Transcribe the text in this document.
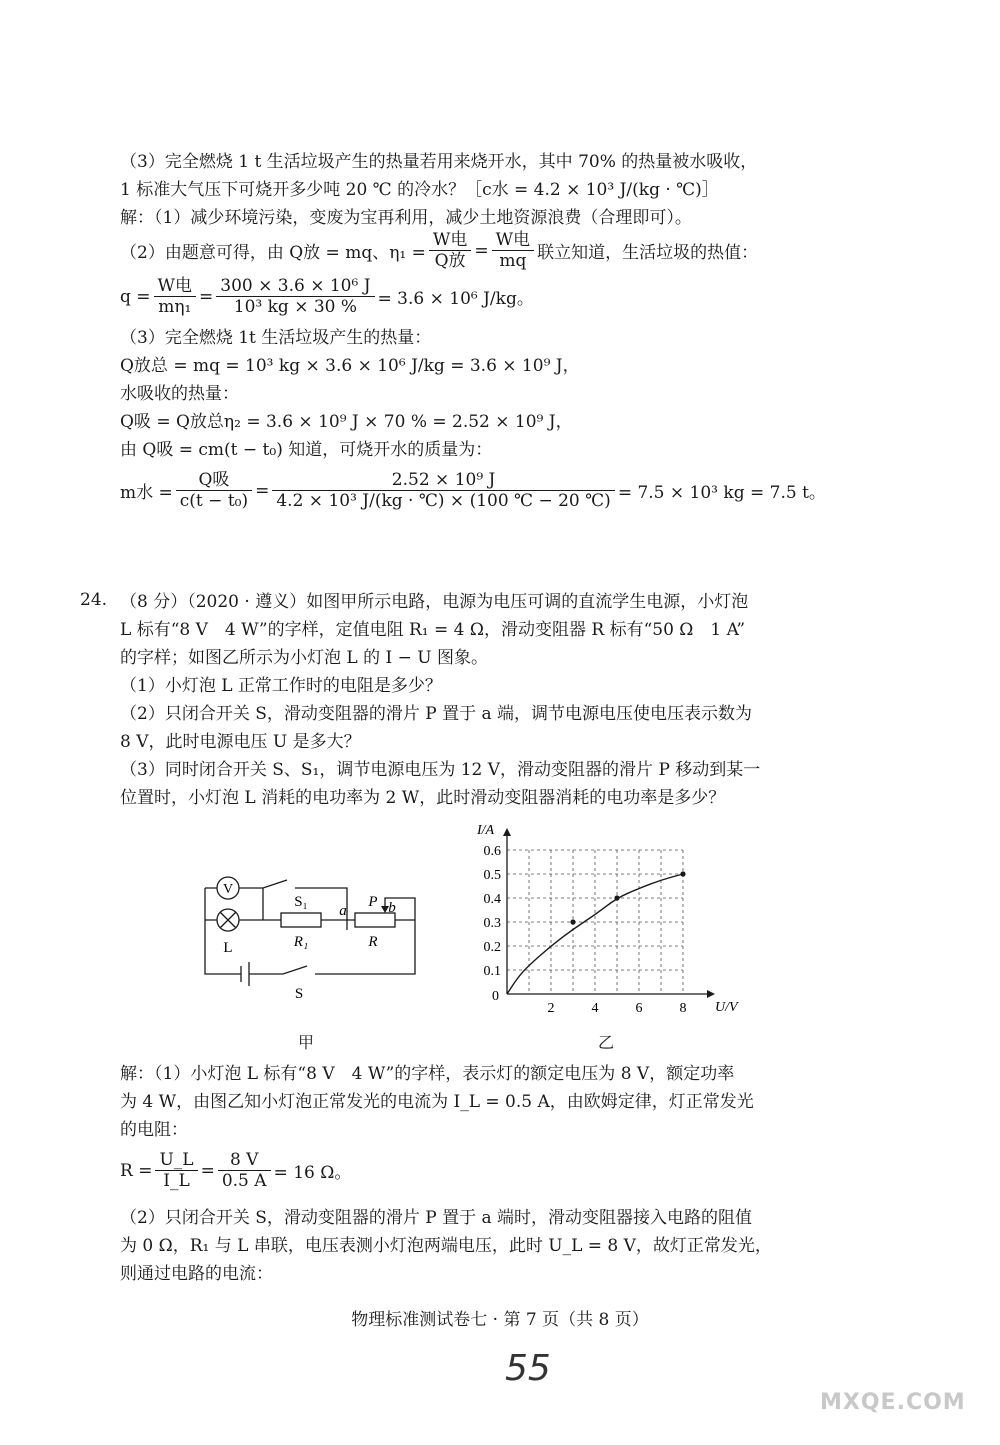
（3）完全燃烧 1 t 生活垃圾产生的热量若用来烧开水，其中 70% 的热量被水吸收，
1 标准大气压下可烧开多少吨 20 ℃ 的冷水？［c水 = 4.2 × 10³ J/(kg · ℃)］
解：（1）减少环境污染，变废为宝再利用，减少土地资源浪费（合理即可）。
（2）由题意可得，由 Q放 = mq、$\eta_1 = \frac{\text{W电}}{\text{Q放}} = \frac{\text{W电}}{mq}$ 联立知道，生活垃圾的热值：
$q = \frac{\text{W电}}{\text{mη₁}} = \frac{\text{300 × 3.6 × 10⁶ J}}{\text{10³ kg × 30 \%}} = 3.6 \times 10^6$ J/kg。
（3）完全燃烧 1t 生活垃圾产生的热量：
Q放总 = mq = 10³ kg × 3.6 × 10⁶ J/kg = 3.6 × 10⁹ J，
水吸收的热量：
Q吸 = Q放总η₂ = 3.6 × 10⁹ J × 70 % = 2.52 × 10⁹ J，
由 Q吸 = cm(t − t₀) 知道，可烧开水的质量为：
m水 = $\frac{\text{Q吸}}{\text{c(t − t₀)}} = \frac{\text{2.52 × 10⁹ J}}{\text{4.2 × 10³ J/(kg · ℃) × (100 ℃ − 20 ℃)}} = 7.5 \times 10^3$ kg = 7.5 t。
24. （8 分）（2020 · 遵义）如图甲所示电路，电源为电压可调的直流学生电源，小灯泡
L 标有“8 V　4 W”的字样，定值电阻 R₁ = 4 Ω，滑动变阻器 R 标有“50 Ω　1 A”
的字样；如图乙所示为小灯泡 L 的 I − U 图象。
（1）小灯泡 L 正常工作时的电阻是多少？
（2）只闭合开关 S，滑动变阻器的滑片 P 置于 a 端，调节电源电压使电压表示数为
8 V，此时电源电压 U 是多大？
（3）同时闭合开关 S、S₁，调节电源电压为 12 V，滑动变阻器的滑片 P 移动到某一
位置时，小灯泡 L 消耗的电功率为 2 W，此时滑动变阻器消耗的电功率是多少？
V
L
S₁
R₁	R
a	b
P
S
甲
0.1
0.2
0.3
0.4
0.5
0.6
0
2	4	6	8
I/A
U/V
乙
解：（1）小灯泡 L 标有“8 V　4 W”的字样，表示灯的额定电压为 8 V，额定功率
为 4 W，由图乙知小灯泡正常发光的电流为 I_L = 0.5 A，由欧姆定律，灯正常发光
的电阻：
$R = \frac{U\_L}{I\_L} = \frac{8 V}{0.5 A} = 16$ Ω。
（2）只闭合开关 S，滑动变阻器的滑片 P 置于 a 端时，滑动变阻器接入电路的阻值
为 0 Ω，R₁ 与 L 串联，电压表测小灯泡两端电压，此时 U_L = 8 V，故灯正常发光，
则通过电路的电流：
物理标准测试卷七 · 第 7 页（共 8 页）
55
MXQE.COM
